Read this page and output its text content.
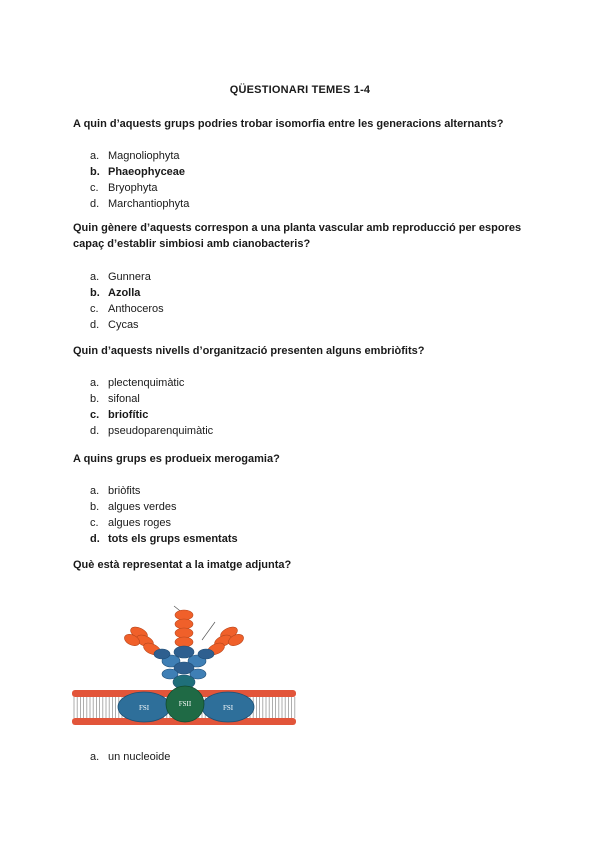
QÜESTIONARI TEMES 1-4
A quin d’aquests grups podries trobar isomorfia entre les generacions alternants?
a. Magnoliophyta
b. Phaeophyceae
c. Bryophyta
d. Marchantiophyta
Quin gènere d’aquests correspon a una planta vascular amb reproducció per espores capaç d’establir simbiosi amb cianobacteris?
a. Gunnera
b. Azolla
c. Anthoceros
d. Cycas
Quin d’aquests nivells d’organització presenten alguns embriòfits?
a. plectenquimàtic
b. sifonal
c. briofític
d. pseudoparenquimàtic
A quins grups es produeix merogamia?
a. briòfits
b. algues verdes
c. algues roges
d. tots els grups esmentats
Què està representat a la imatge adjunta?
FSI	FSII	FSI
a. un nucleoide
